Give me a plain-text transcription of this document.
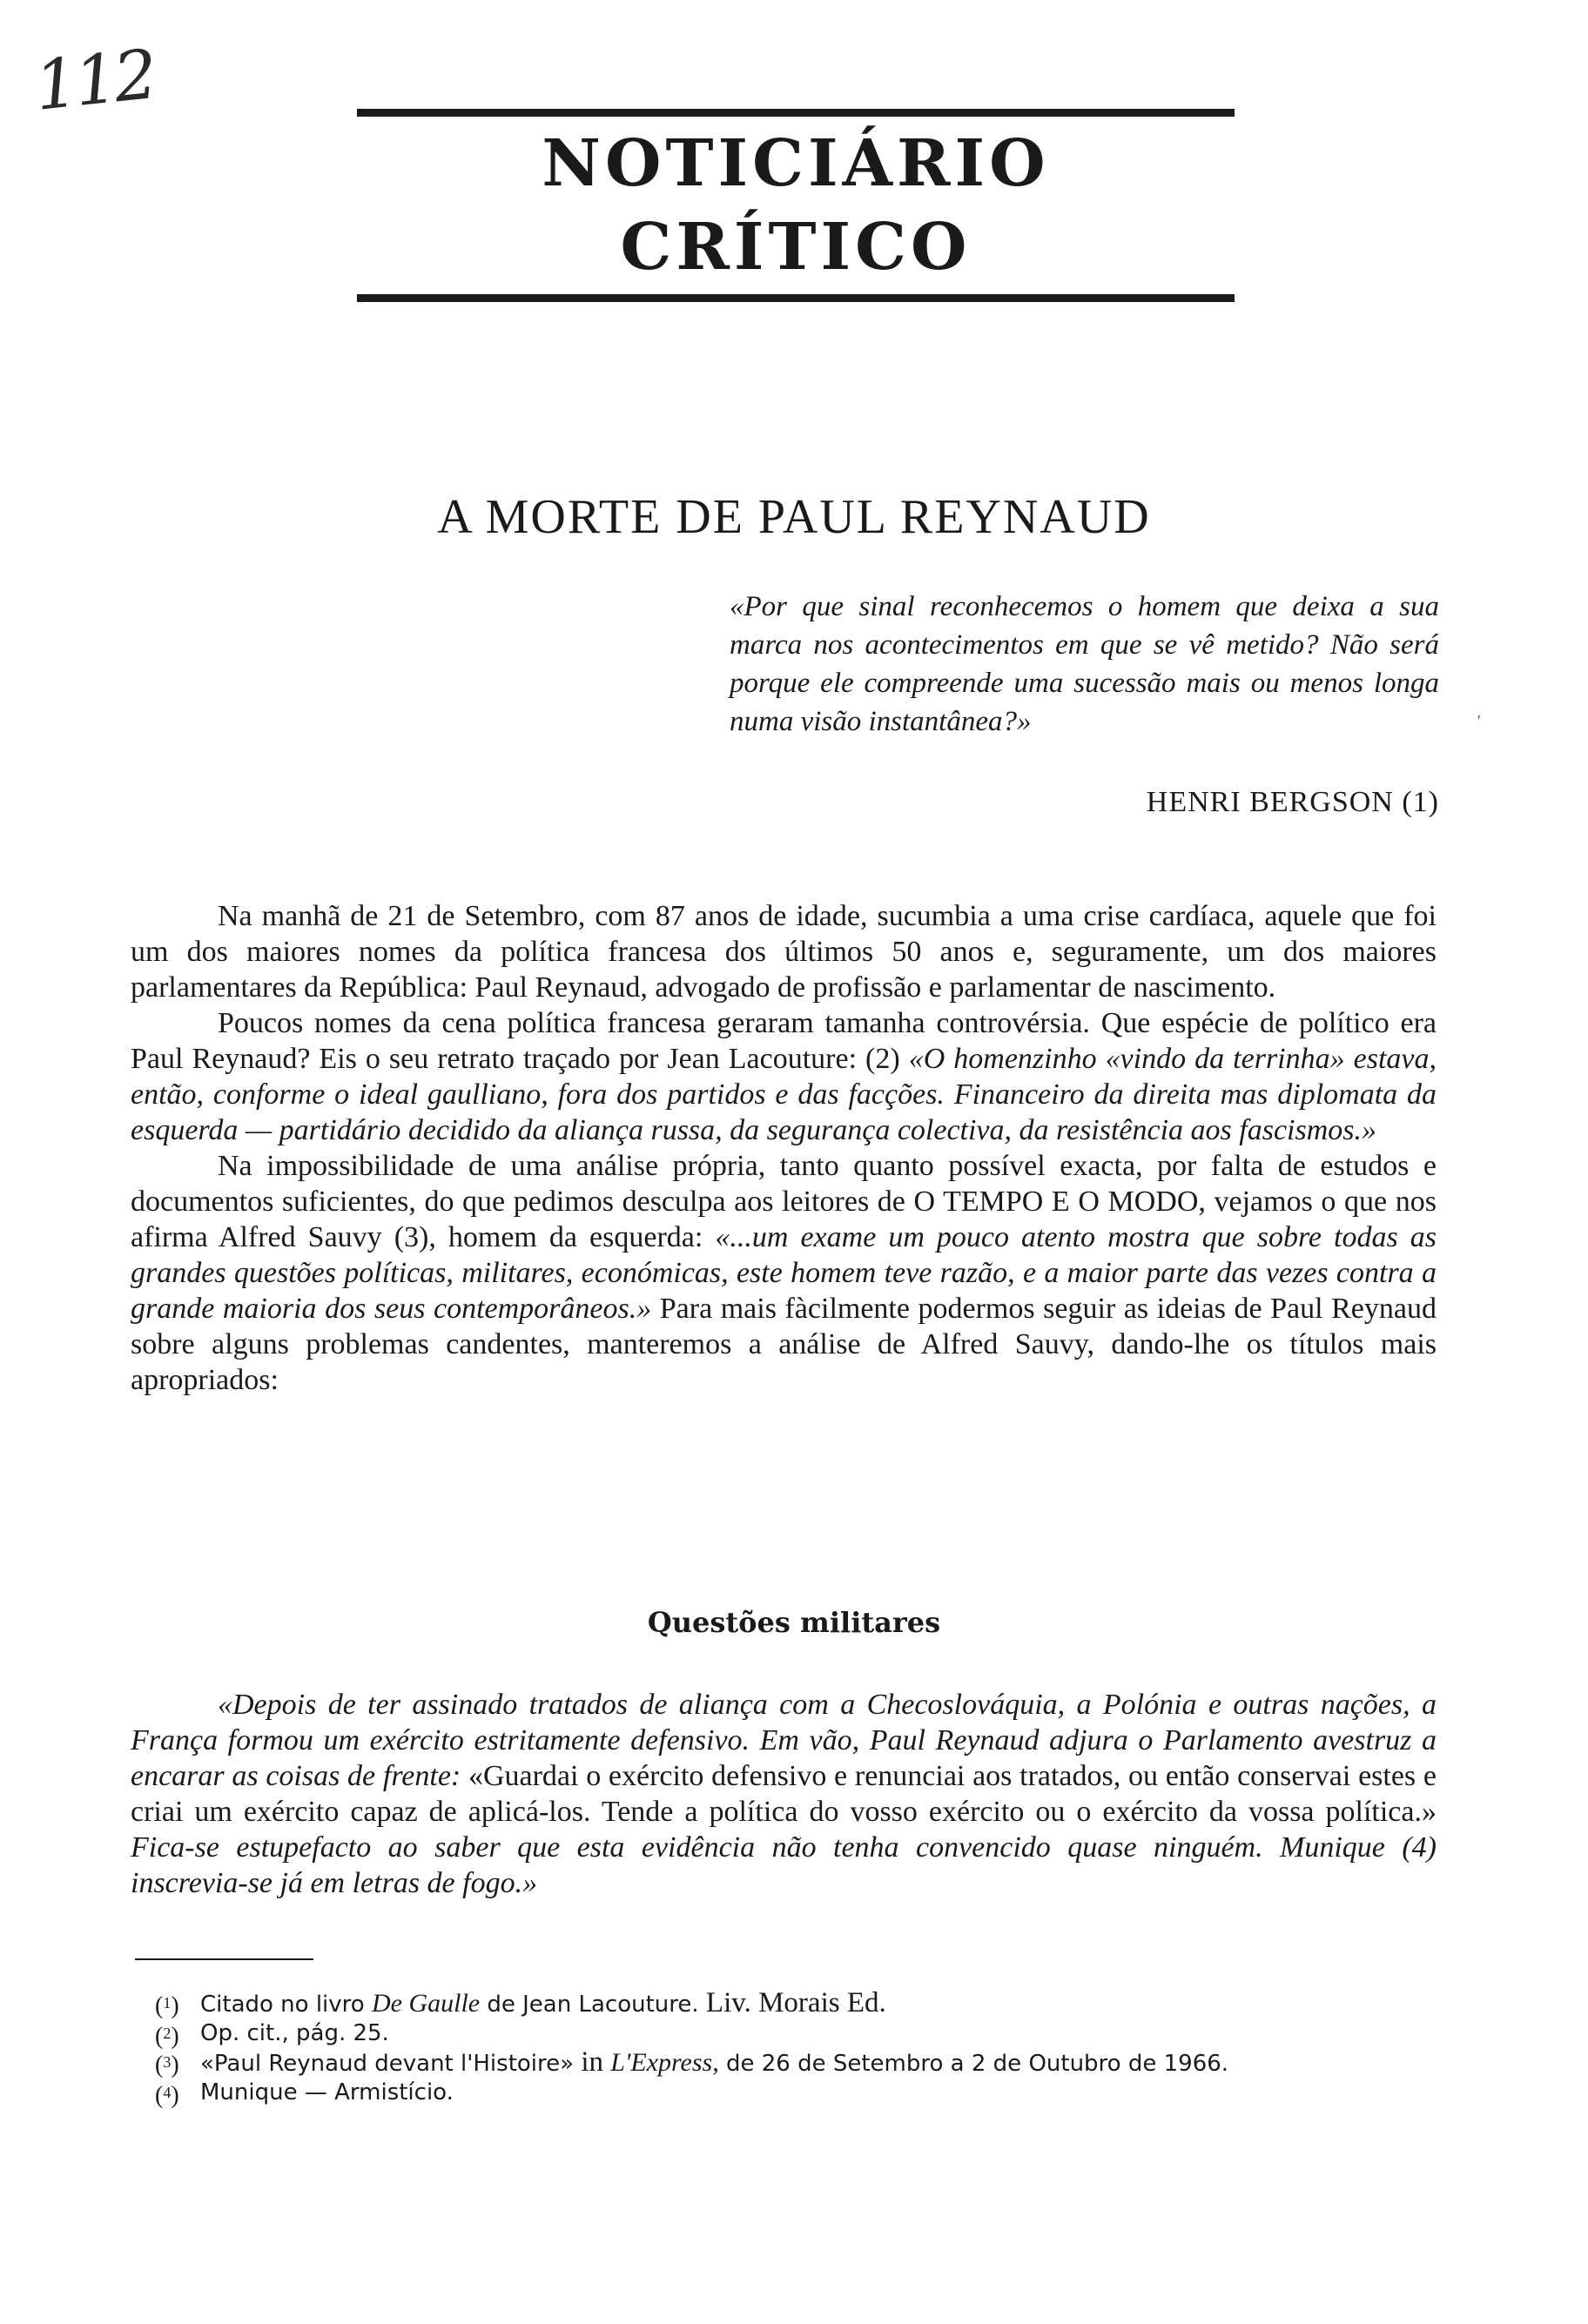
112
NOTICIÁRIO CRÍTICO
A MORTE DE PAUL REYNAUD
«Por que sinal reconhecemos o homem que deixa a sua marca nos acontecimentos em que se vê metido? Não será porque ele compreende uma sucessão mais ou menos longa numa visão instantânea?»	′
HENRI BERGSON (1)

Na manhã de 21 de Setembro, com 87 anos de idade, sucumbia a uma crise cardíaca, aquele que foi um dos maiores nomes da política francesa dos últimos 50 anos e, seguramente, um dos maiores parlamentares da República: Paul Reynaud, advogado de profissão e parlamentar de nascimento.

Poucos nomes da cena política francesa geraram tamanha controvérsia. Que espécie de político era Paul Reynaud? Eis o seu retrato traçado por Jean Lacouture: (2) «O homenzinho «vindo da terrinha» estava, então, conforme o ideal gaulliano, fora dos partidos e das facções. Financeiro da direita mas diplomata da esquerda — partidário decidido da aliança russa, da segurança colectiva, da resistência aos fascismos.»

Na impossibilidade de uma análise própria, tanto quanto possível exacta, por falta de estudos e documentos suficientes, do que pedimos desculpa aos leitores de O TEMPO E O MODO, vejamos o que nos afirma Alfred Sauvy (3), homem da esquerda: «...um exame um pouco atento mostra que sobre todas as grandes questões políticas, militares, económicas, este homem teve razão, e a maior parte das vezes contra a grande maioria dos seus contemporâneos.» Para mais fàcilmente podermos seguir as ideias de Paul Reynaud sobre alguns problemas candentes, manteremos a análise de Alfred Sauvy, dando-lhe os títulos mais apropriados:

Questões militares

«Depois de ter assinado tratados de aliança com a Checoslováquia, a Polónia e outras nações, a França formou um exército estritamente defensivo. Em vão, Paul Reynaud adjura o Parlamento avestruz a encarar as coisas de frente: «Guardai o exército defensivo e renunciai aos tratados, ou então conservai estes e criai um exército capaz de aplicá-los. Tende a política do vosso exército ou o exército da vossa política.» Fica-se estupefacto ao saber que esta evidência não tenha convencido quase ninguém. Munique (4) inscrevia-se já em letras de fogo.»

($^1$) Citado no livro De Gaulle de Jean Lacouture. Liv. Morais Ed.
($^2$) Op. cit., pág. 25.
($^3$) «Paul Reynaud devant l'Histoire» in L'Express, de 26 de Setembro a 2 de Outubro de 1966.
($^4$) Munique — Armistício.
